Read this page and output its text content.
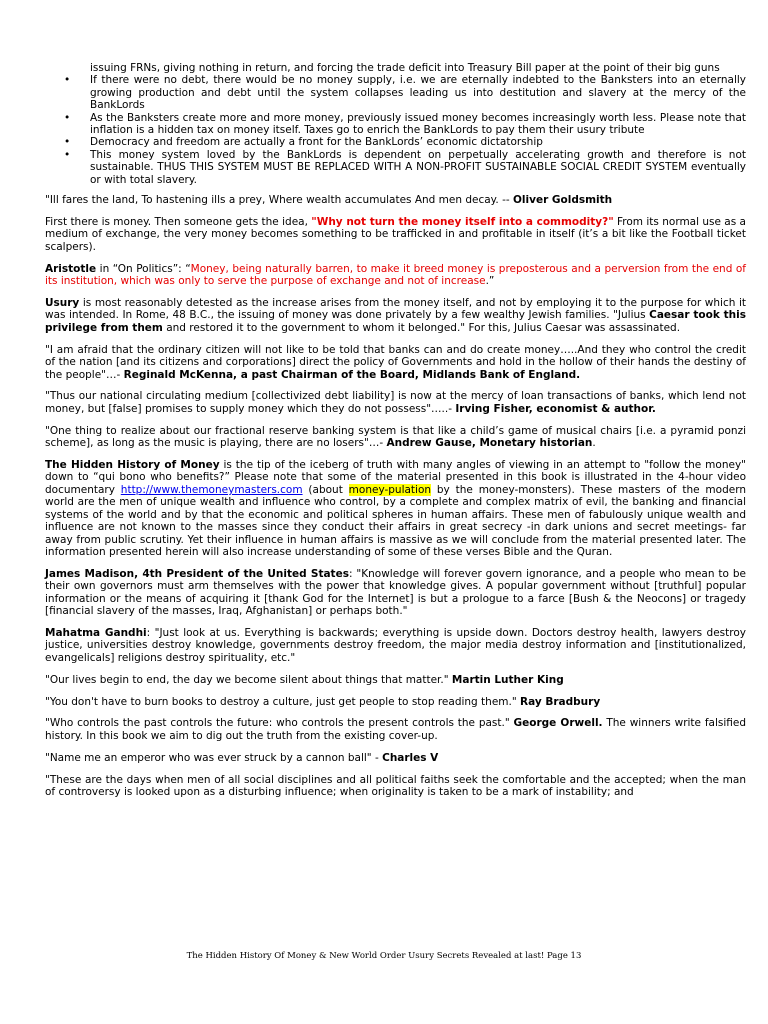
issuing FRNs, giving nothing in return, and forcing the trade deficit into Treasury Bill paper at the point of their big guns
• If there were no debt, there would be no money supply, i.e. we are eternally indebted to the Banksters into an eternally growing production and debt until the system collapses leading us into destitution and slavery at the mercy of the BankLords
• As the Banksters create more and more money, previously issued money becomes increasingly worth less. Please note that inflation is a hidden tax on money itself. Taxes go to enrich the BankLords to pay them their usury tribute
• Democracy and freedom are actually a front for the BankLords’ economic dictatorship
• This money system loved by the BankLords is dependent on perpetually accelerating growth and therefore is not sustainable. THUS THIS SYSTEM MUST BE REPLACED WITH A NON-PROFIT SUSTAINABLE SOCIAL CREDIT SYSTEM eventually or with total slavery.

"Ill fares the land, To hastening ills a prey, Where wealth accumulates And men decay. -- Oliver Goldsmith

First there is money. Then someone gets the idea, "Why not turn the money itself into a commodity?" From its normal use as a medium of exchange, the very money becomes something to be trafficked in and profitable in itself (it’s a bit like the Football ticket scalpers).

Aristotle in “On Politics”: “Money, being naturally barren, to make it breed money is preposterous and a perversion from the end of its institution, which was only to serve the purpose of exchange and not of increase.”

Usury is most reasonably detested as the increase arises from the money itself, and not by employing it to the purpose for which it was intended. In Rome, 48 B.C., the issuing of money was done privately by a few wealthy Jewish families. "Julius Caesar took this privilege from them and restored it to the government to whom it belonged." For this, Julius Caesar was assassinated.

"I am afraid that the ordinary citizen will not like to be told that banks can and do create money…..And they who control the credit of the nation [and its citizens and corporations] direct the policy of Governments and hold in the hollow of their hands the destiny of the people"…- Reginald McKenna, a past Chairman of the Board, Midlands Bank of England.

"Thus our national circulating medium [collectivized debt liability] is now at the mercy of loan transactions of banks, which lend not money, but [false] promises to supply money which they do not possess"…..- Irving Fisher, economist & author.

"One thing to realize about our fractional reserve banking system is that like a child’s game of musical chairs [i.e. a pyramid ponzi scheme], as long as the music is playing, there are no losers"…- Andrew Gause, Monetary historian.

The Hidden History of Money is the tip of the iceberg of truth with many angles of viewing in an attempt to "follow the money" down to “qui bono who benefits?” Please note that some of the material presented in this book is illustrated in the 4-hour video documentary http://www.themoneymasters.com (about money-pulation by the money-monsters). These masters of the modern world are the men of unique wealth and influence who control, by a complete and complex matrix of evil, the banking and financial systems of the world and by that the economic and political spheres in human affairs. These men of fabulously unique wealth and influence are not known to the masses since they conduct their affairs in great secrecy -in dark unions and secret meetings- far away from public scrutiny. Yet their influence in human affairs is massive as we will conclude from the material presented later. The information presented herein will also increase understanding of some of these verses Bible and the Quran.

James Madison, 4th President of the United States: "Knowledge will forever govern ignorance, and a people who mean to be their own governors must arm themselves with the power that knowledge gives. A popular government without [truthful] popular information or the means of acquiring it [thank God for the Internet] is but a prologue to a farce [Bush & the Neocons] or tragedy [financial slavery of the masses, Iraq, Afghanistan] or perhaps both."

Mahatma Gandhi: "Just look at us. Everything is backwards; everything is upside down. Doctors destroy health, lawyers destroy justice, universities destroy knowledge, governments destroy freedom, the major media destroy information and [institutionalized, evangelicals] religions destroy spirituality, etc."

"Our lives begin to end, the day we become silent about things that matter." Martin Luther King

"You don't have to burn books to destroy a culture, just get people to stop reading them." Ray Bradbury

"Who controls the past controls the future: who controls the present controls the past." George Orwell. The winners write falsified history. In this book we aim to dig out the truth from the existing cover-up.

"Name me an emperor who was ever struck by a cannon ball" - Charles V

"These are the days when men of all social disciplines and all political faiths seek the comfortable and the accepted; when the man of controversy is looked upon as a disturbing influence; when originality is taken to be a mark of instability; and

The Hidden History Of Money & New World Order Usury Secrets Revealed at last! Page 13
